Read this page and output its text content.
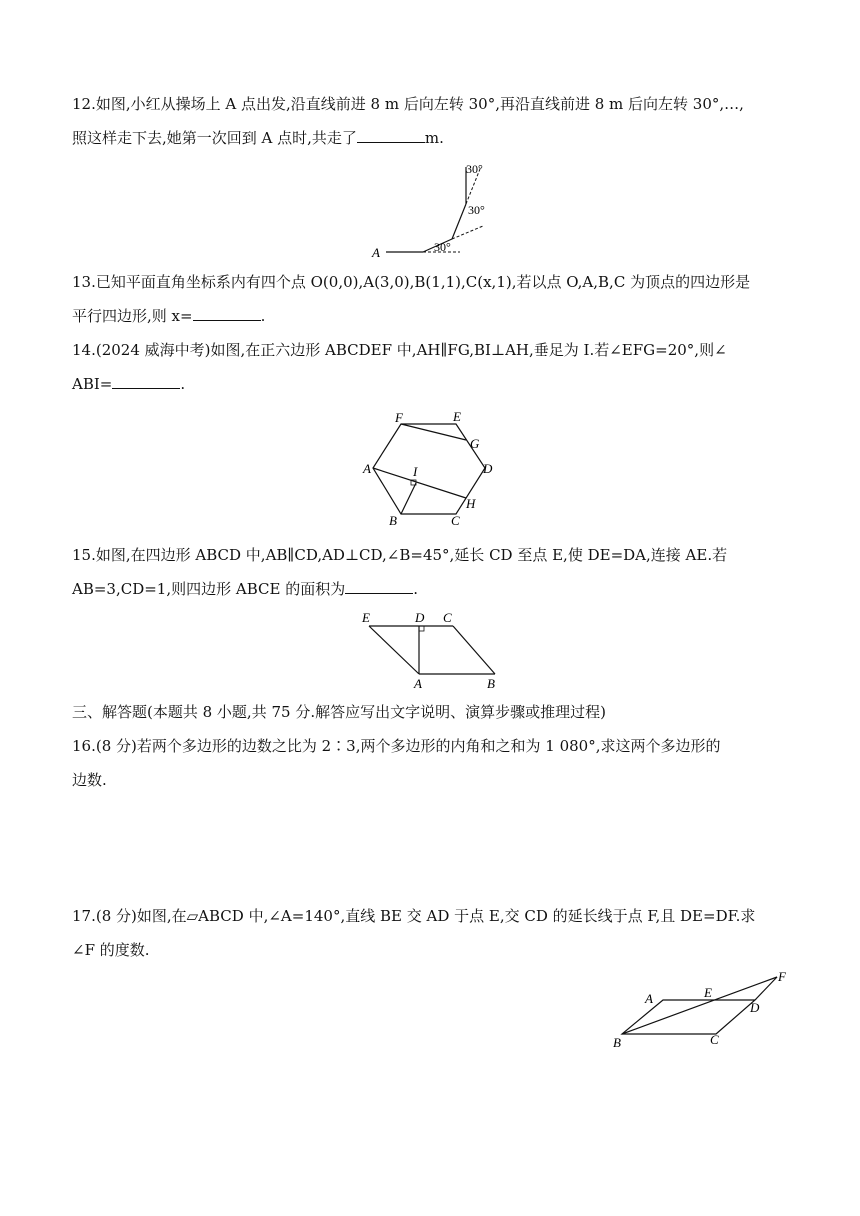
12.如图,小红从操场上 A 点出发,沿直线前进 8 m 后向左转 30°,再沿直线前进 8 m 后向左转 30°,…,
照这样走下去,她第一次回到 A 点时,共走了	m.
A	30°
30°
30°
13.已知平面直角坐标系内有四个点 O(0,0),A(3,0),B(1,1),C(x,1),若以点 O,A,B,C 为顶点的四边形是
平行四边形,则 x=	.
14.(2024 威海中考)如图,在正六边形 ABCDEF 中,AH∥FG,BI⊥AH,垂足为 I.若∠EFG=20°,则∠
ABI=	.
F	E
G
A	I	D
H
B	C
15.如图,在四边形 ABCD 中,AB∥CD,AD⊥CD,∠B=45°,延长 CD 至点 E,使 DE=DA,连接 AE.若
AB=3,CD=1,则四边形 ABCE 的面积为	.
E	D C
A	B
三、解答题(本题共 8 小题,共 75 分.解答应写出文字说明、演算步骤或推理过程)
16.(8 分)若两个多边形的边数之比为 2∶3,两个多边形的内角和之和为 1 080°,求这两个多边形的
边数.
17.(8 分)如图,在▱ABCD 中,∠A=140°,直线 BE 交 AD 于点 E,交 CD 的延长线于点 F,且 DE=DF.求
∠F 的度数.
A	E
F
D
B	C
